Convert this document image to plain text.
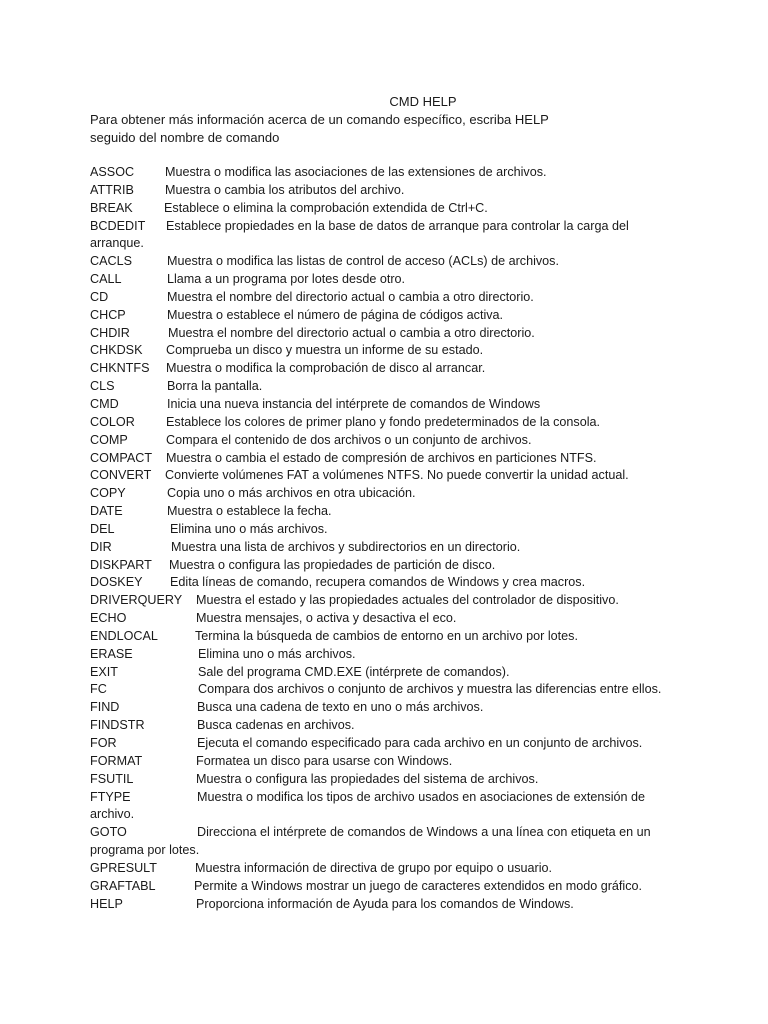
CMD HELP
Para obtener más información acerca de un comando específico, escriba HELP
seguido del nombre de comando
ASSOC Muestra o modifica las asociaciones de las extensiones de archivos.
ATTRIB Muestra o cambia los atributos del archivo.
BREAK Establece o elimina la comprobación extendida de Ctrl+C.
BCDEDIT Establece propiedades en la base de datos de arranque para controlar la carga del
arranque.
CACLS	Muestra o modifica las listas de control de acceso (ACLs) de archivos.
CALL	Llama a un programa por lotes desde otro.
CD	Muestra el nombre del directorio actual o cambia a otro directorio.
CHCP	Muestra o establece el número de página de códigos activa.
CHDIR	Muestra el nombre del directorio actual o cambia a otro directorio.
CHKDSK Comprueba un disco y muestra un informe de su estado.
CHKNTFS Muestra o modifica la comprobación de disco al arrancar.
CLS	Borra la pantalla.
CMD	Inicia una nueva instancia del intérprete de comandos de Windows
COLOR Establece los colores de primer plano y fondo predeterminados de la consola.
COMP	Compara el contenido de dos archivos o un conjunto de archivos.
COMPACT Muestra o cambia el estado de compresión de archivos en particiones NTFS.
CONVERT Convierte volúmenes FAT a volúmenes NTFS. No puede convertir la unidad actual.
COPY	Copia uno o más archivos en otra ubicación.
DATE	Muestra o establece la fecha.
DEL	Elimina uno o más archivos.
DIR	Muestra una lista de archivos y subdirectorios en un directorio.
DISKPART Muestra o configura las propiedades de partición de disco.
DOSKEY Edita líneas de comando, recupera comandos de Windows y crea macros.
DRIVERQUERY Muestra el estado y las propiedades actuales del controlador de dispositivo.
ECHO	Muestra mensajes, o activa y desactiva el eco.
ENDLOCAL	Termina la búsqueda de cambios de entorno en un archivo por lotes.
ERASE	Elimina uno o más archivos.
EXIT	Sale del programa CMD.EXE (intérprete de comandos).
FC	Compara dos archivos o conjunto de archivos y muestra las diferencias entre ellos.
FIND	Busca una cadena de texto en uno o más archivos.
FINDSTR	Busca cadenas en archivos.
FOR	Ejecuta el comando especificado para cada archivo en un conjunto de archivos.
FORMAT	Formatea un disco para usarse con Windows.
FSUTIL	Muestra o configura las propiedades del sistema de archivos.
FTYPE	Muestra o modifica los tipos de archivo usados en asociaciones de extensión de
archivo.
GOTO	Direcciona el intérprete de comandos de Windows a una línea con etiqueta en un
programa por lotes.
GPRESULT	Muestra información de directiva de grupo por equipo o usuario.
GRAFTABL	Permite a Windows mostrar un juego de caracteres extendidos en modo gráfico.
HELP	Proporciona información de Ayuda para los comandos de Windows.
